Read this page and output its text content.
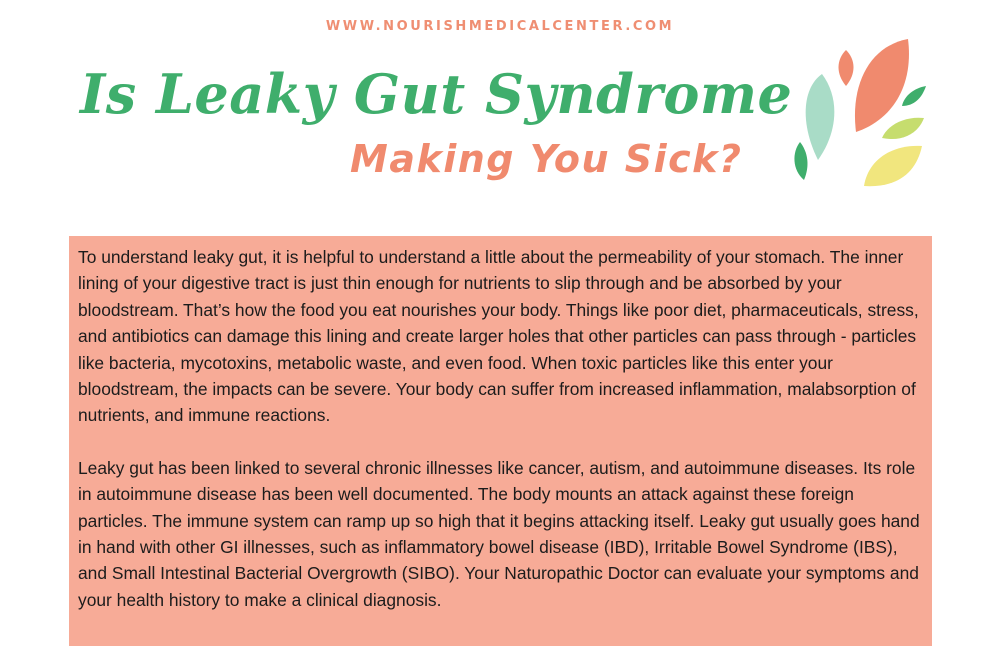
WWW.NOURISHMEDICALCENTER.COM
Is Leaky Gut Syndrome
Making You Sick?

To understand leaky gut, it is helpful to understand a little about the permeability of your stomach. The inner lining of your digestive tract is just thin enough for nutrients to slip through and be absorbed by your bloodstream. That’s how the food you eat nourishes your body. Things like poor diet, pharmaceuticals, stress, and antibiotics can damage this lining and create larger holes that other particles can pass through - particles like bacteria, mycotoxins, metabolic waste, and even food. When toxic particles like this enter your bloodstream, the impacts can be severe. Your body can suffer from increased inflammation, malabsorption of nutrients, and immune reactions.

Leaky gut has been linked to several chronic illnesses like cancer, autism, and autoimmune diseases. Its role in autoimmune disease has been well documented. The body mounts an attack against these foreign particles. The immune system can ramp up so high that it begins attacking itself. Leaky gut usually goes hand in hand with other GI illnesses, such as inflammatory bowel disease (IBD), Irritable Bowel Syndrome (IBS), and Small Intestinal Bacterial Overgrowth (SIBO). Your Naturopathic Doctor can evaluate your symptoms and your health history to make a clinical diagnosis.
